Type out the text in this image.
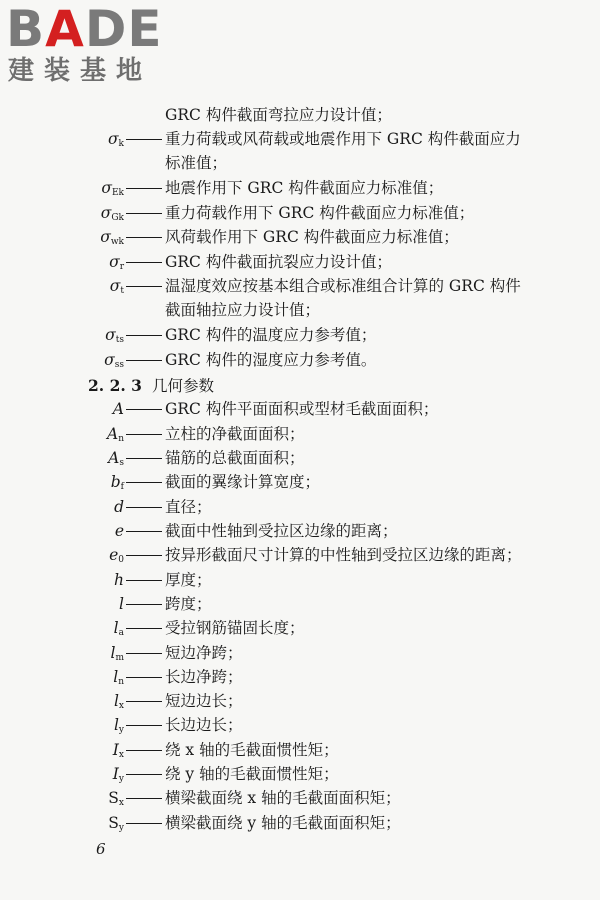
BADE
建装基地
GRC 构件截面弯拉应力设计值；
$\sigma_k$	重力荷载或风荷载或地震作用下 GRC 构件截面应力
标准值；
$\sigma_{Ek}$	地震作用下 GRC 构件截面应力标准值；
$\sigma_{Gk}$	重力荷载作用下 GRC 构件截面应力标准值；
$\sigma_{wk}$	风荷载作用下 GRC 构件截面应力标准值；
$\sigma_r$	GRC 构件截面抗裂应力设计值；
$\sigma_t$	温湿度效应按基本组合或标准组合计算的 GRC 构件
截面轴拉应力设计值；
$\sigma_{ts}$	GRC 构件的温度应力参考值；
$\sigma_{ss}$	GRC 构件的湿度应力参考值。
2. 2. 3 几何参数
A	GRC 构件平面面积或型材毛截面面积；
$A_n$	立柱的净截面面积；
$A_s$	锚筋的总截面面积；
$b_f$	截面的翼缘计算宽度；
d	直径；
e	截面中性轴到受拉区边缘的距离；
$e_0$	按异形截面尺寸计算的中性轴到受拉区边缘的距离；
h	厚度；
l	跨度；
$l_a$	受拉钢筋锚固长度；
$l_m$	短边净跨；
$l_n$	长边净跨；
$l_x$	短边边长；
$l_y$	长边边长；
$I_x$	绕 x 轴的毛截面惯性矩；
$I_y$	绕 y 轴的毛截面惯性矩；
$S_x$	横梁截面绕 x 轴的毛截面面积矩；
$S_y$	横梁截面绕 y 轴的毛截面面积矩；
6
